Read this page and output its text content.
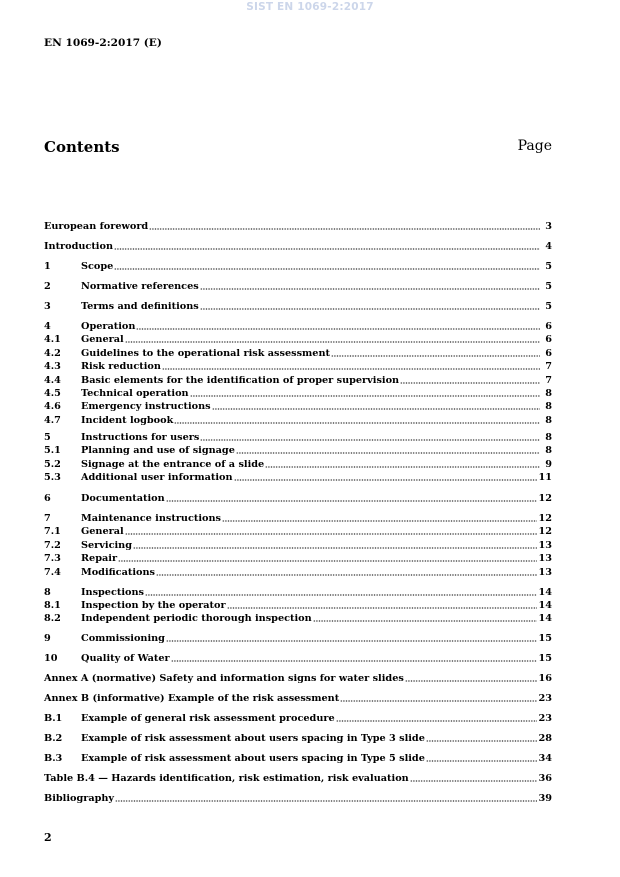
SIST EN 1069-2:2017
EN 1069-2:2017 (E)
Contents	Page
European foreword	3
Introduction	4
1	Scope	5
2	Normative references	5
3	Terms and definitions	5
4	Operation	6
4.1	General	6
4.2	Guidelines to the operational risk assessment	6
4.3	Risk reduction	7
4.4	Basic elements for the identification of proper supervision	7
4.5	Technical operation	8
4.6	Emergency instructions	8
4.7	Incident logbook	8
5	Instructions for users	8
5.1	Planning and use of signage	8
5.2	Signage at the entrance of a slide	9
5.3	Additional user information	11
6	Documentation	12
7	Maintenance instructions	12
7.1	General	12
7.2	Servicing	13
7.3	Repair	13
7.4	Modifications	13
8	Inspections	14
8.1	Inspection by the operator	14
8.2	Independent periodic thorough inspection	14
9	Commissioning	15
10	Quality of Water	15
Annex A (normative) Safety and information signs for water slides	16
Annex B (informative) Example of the risk assessment	23
B.1	Example of general risk assessment procedure	23
B.2	Example of risk assessment about users spacing in Type 3 slide	28
B.3	Example of risk assessment about users spacing in Type 5 slide	34
Table B.4 — Hazards identification, risk estimation, risk evaluation	36
Bibliography	39
2
